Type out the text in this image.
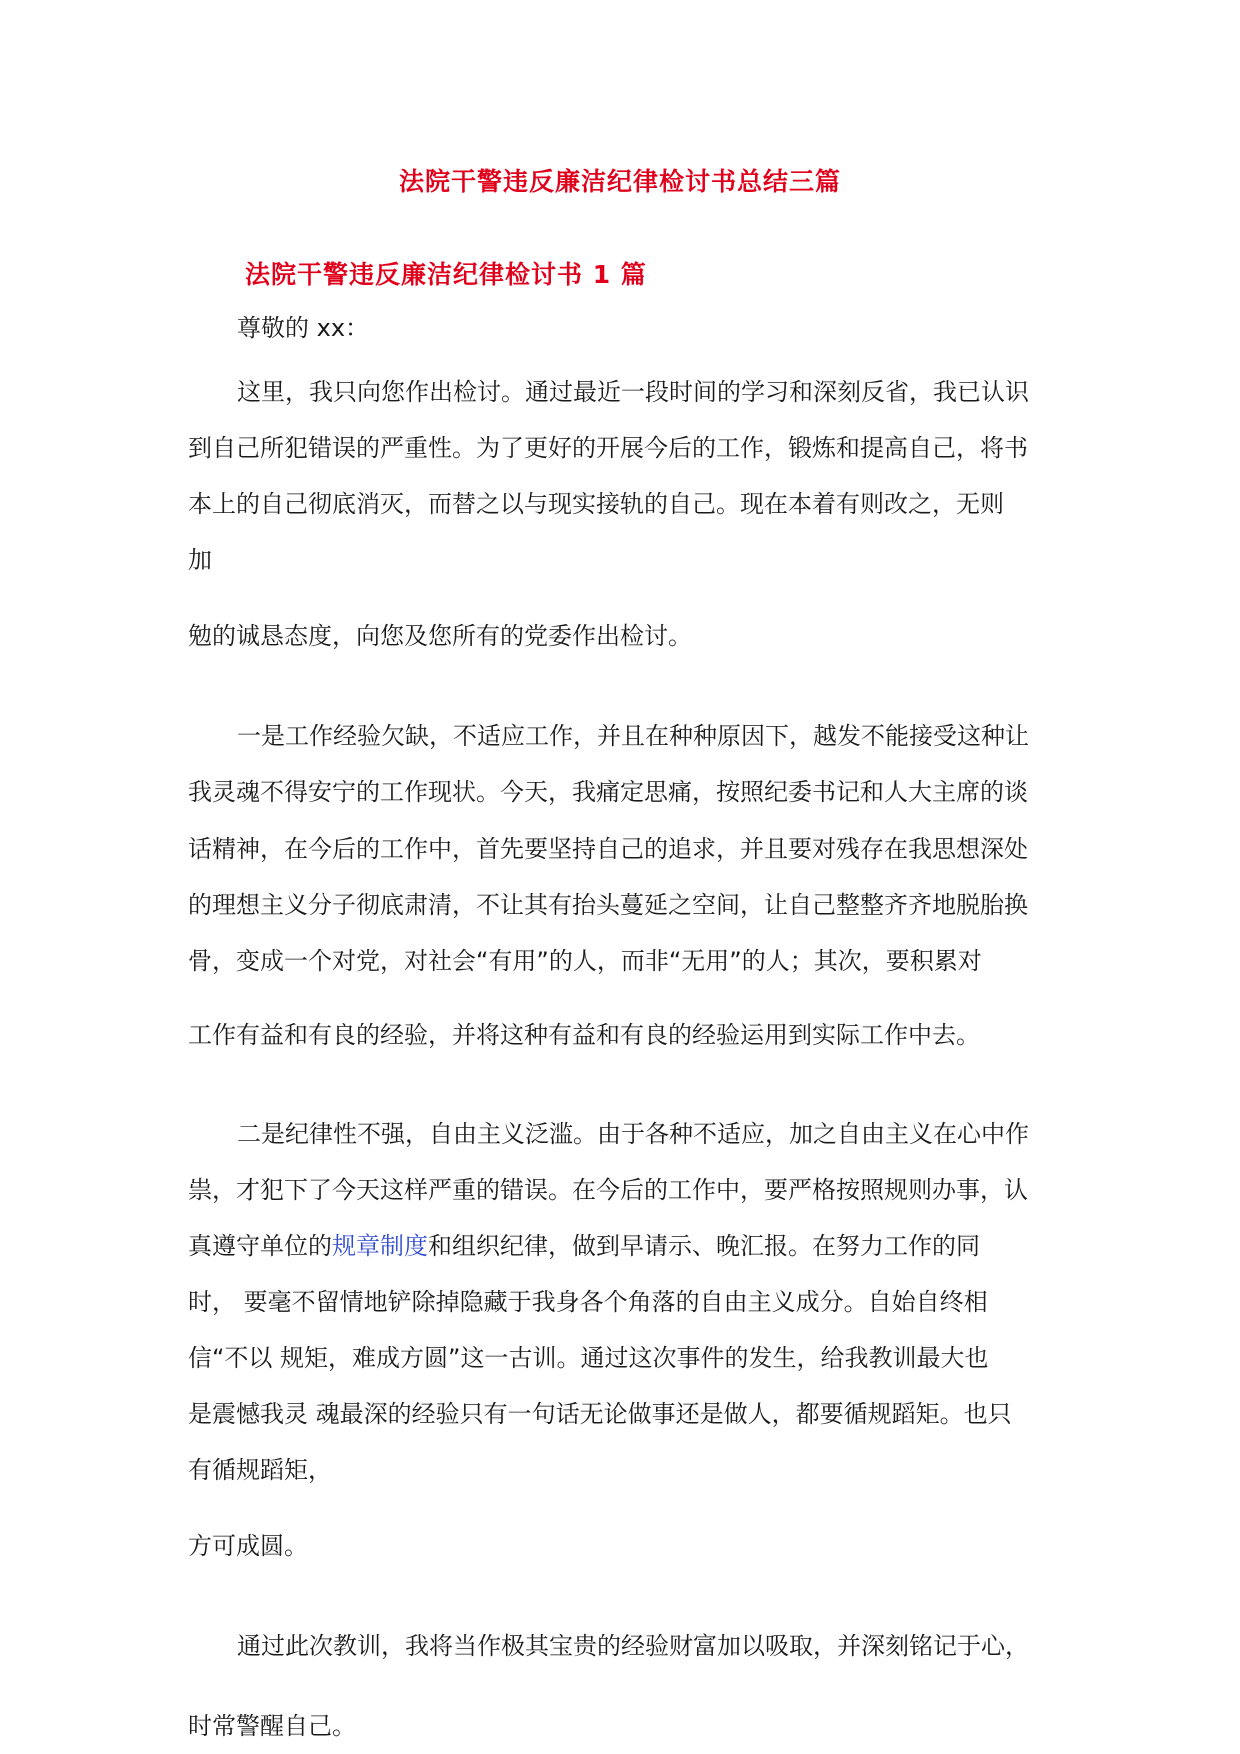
法院干警违反廉洁纪律检讨书总结三篇
法院干警违反廉洁纪律检讨书 1 篇
尊敬的 xx：
这里，我只向您作出检讨。通过最近一段时间的学习和深刻反省，我已认识
到自己所犯错误的严重性。为了更好的开展今后的工作，锻炼和提高自己，将书
本上的自己彻底消灭，而替之以与现实接轨的自己。现在本着有则改之，无则
加
勉的诚恳态度，向您及您所有的党委作出检讨。
一是工作经验欠缺，不适应工作，并且在种种原因下，越发不能接受这种让
我灵魂不得安宁的工作现状。今天，我痛定思痛，按照纪委书记和人大主席的谈
话精神，在今后的工作中，首先要坚持自己的追求，并且要对残存在我思想深处
的理想主义分子彻底肃清，不让其有抬头蔓延之空间，让自己整整齐齐地脱胎换
骨，变成一个对党，对社会“有用”的人，而非“无用”的人；其次，要积累对
工作有益和有良的经验，并将这种有益和有良的经验运用到实际工作中去。
二是纪律性不强，自由主义泛滥。由于各种不适应，加之自由主义在心中作
祟，才犯下了今天这样严重的错误。在今后的工作中，要严格按照规则办事，认
真遵守单位的规章制度和组织纪律，做到早请示、晚汇报。在努力工作的同
时， 要毫不留情地铲除掉隐藏于我身各个角落的自由主义成分。自始自终相
信“不以 规矩，难成方圆”这一古训。通过这次事件的发生，给我教训最大也
是震憾我灵 魂最深的经验只有一句话无论做事还是做人，都要循规蹈矩。也只
有循规蹈矩，
方可成圆。
通过此次教训，我将当作极其宝贵的经验财富加以吸取，并深刻铭记于心，
时常警醒自己。
